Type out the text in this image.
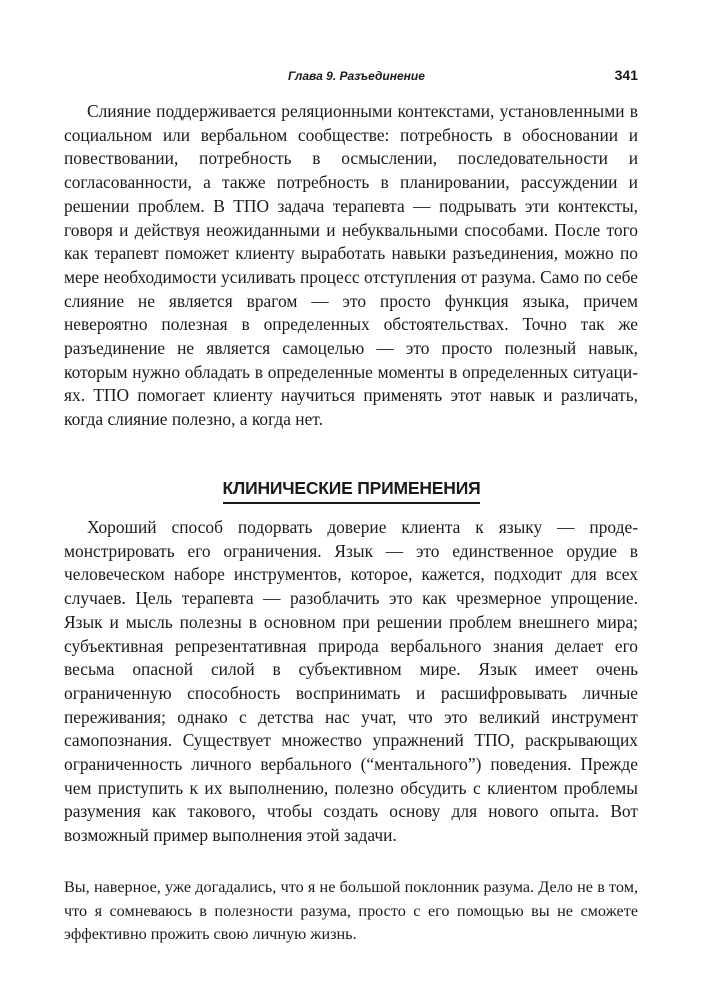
Глава 9. Разъединение	341
Слияние поддерживается реляционными контекстами, установленными в социальном или вербальном сообществе: потребность в обосновании и повествовании, потребность в осмыслении, последовательности и согласованности, а также потребность в планировании, рассуждении и решении проблем. В ТПО задача терапевта — подрывать эти контексты, говоря и действуя неожиданными и небуквальными способами. После того как терапевт поможет клиенту выработать навыки разъединения, можно по мере необходимости усиливать процесс отступления от разума. Само по себе слияние не является врагом — это просто функция языка, причем невероятно полезная в определенных обстоятельствах. Точно так же разъединение не является самоцелью — это просто полезный навык, которым нужно обладать в определенные моменты в определенных ситуациях. ТПО помогает клиенту научиться применять этот навык и различать, когда слияние полезно, а когда нет.
КЛИНИЧЕСКИЕ ПРИМЕНЕНИЯ
Хороший способ подорвать доверие клиента к языку — продемонстрировать его ограничения. Язык — это единственное орудие в человеческом наборе инструментов, которое, кажется, подходит для всех случаев. Цель терапевта — разоблачить это как чрезмерное упрощение. Язык и мысль полезны в основном при решении проблем внешнего мира; субъективная репрезентативная природа вербального знания делает его весьма опасной силой в субъективном мире. Язык имеет очень ограниченную способность воспринимать и расшифровывать личные переживания; однако с детства нас учат, что это великий инструмент самопознания. Существует множество упражнений ТПО, раскрывающих ограниченность личного вербального (“ментального”) поведения. Прежде чем приступить к их выполнению, полезно обсудить с клиентом проблемы разумения как такового, чтобы создать основу для нового опыта. Вот возможный пример выполнения этой задачи.
Вы, наверное, уже догадались, что я не большой поклонник разума. Дело не в том, что я сомневаюсь в полезности разума, просто с его помощью вы не сможете эффективно прожить свою личную жизнь.
